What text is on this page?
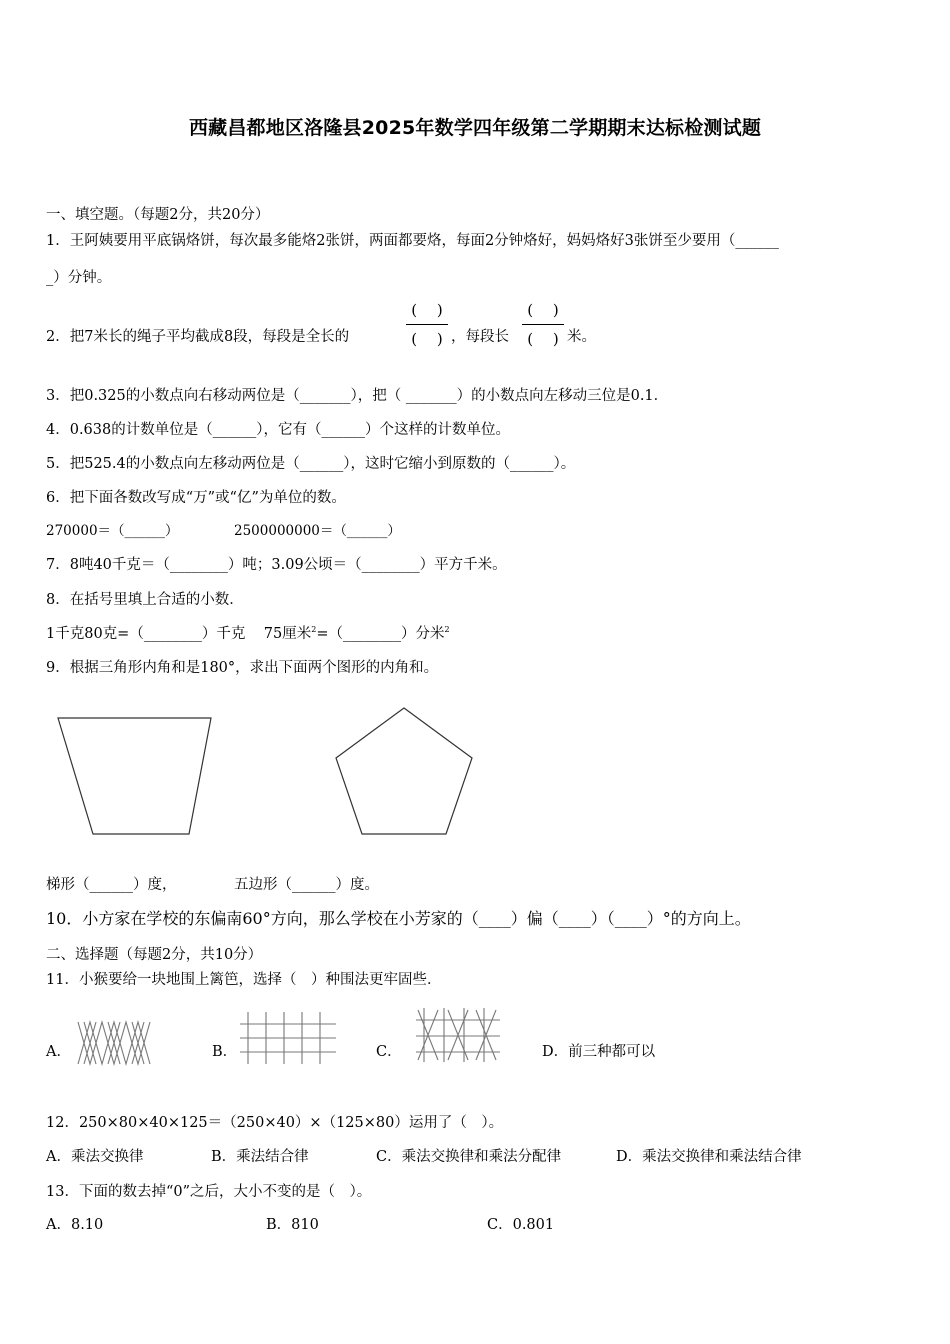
西藏昌都地区洛隆县2025年数学四年级第二学期期末达标检测试题
一、填空题。（每题2分，共20分）
1．王阿姨要用平底锅烙饼，每次最多能烙2张饼，两面都要烙，每面2分钟烙好，妈妈烙好3张饼至少要用（______
_）分钟。
2．把7米长的绳子平均截成8段，每段是全长的
(　 )
(　 ) ，每段长
(　 )
(　 ) 米。
3．把0.325的小数点向右移动两位是（_______），把（ _______）的小数点向左移动三位是0.1．
4．0.638的计数单位是（______），它有（______）个这样的计数单位。
5．把525.4的小数点向左移动两位是（______），这时它缩小到原数的（______）。
6．把下面各数改写成“万”或“亿”为单位的数。
270000＝（______）	2500000000＝（______）
7．8吨40千克＝（________）吨；3.09公顷＝（________）平方千米。
8．在括号里填上合适的小数．
1千克80克=（________）千克 75厘米$^2$=（________）分米$^2$
9．根据三角形内角和是180°，求出下面两个图形的内角和。
梯形（______）度，	五边形（______）度。
10．小方家在学校的东偏南60°方向，那么学校在小芳家的（____）偏（____）（____）°的方向上。
二、选择题（每题2分，共10分）
11．小猴要给一块地围上篱笆，选择（　）种围法更牢固些．
A．	B．	C．	D．前三种都可以
12．250×80×40×125＝（250×40）×（125×80）运用了（　）。
A．乘法交换律	B．乘法结合律	C．乘法交换律和乘法分配律	D．乘法交换律和乘法结合律
13．下面的数去掉“0”之后，大小不变的是（　）。
A．8.10	B．810	C．0.801
